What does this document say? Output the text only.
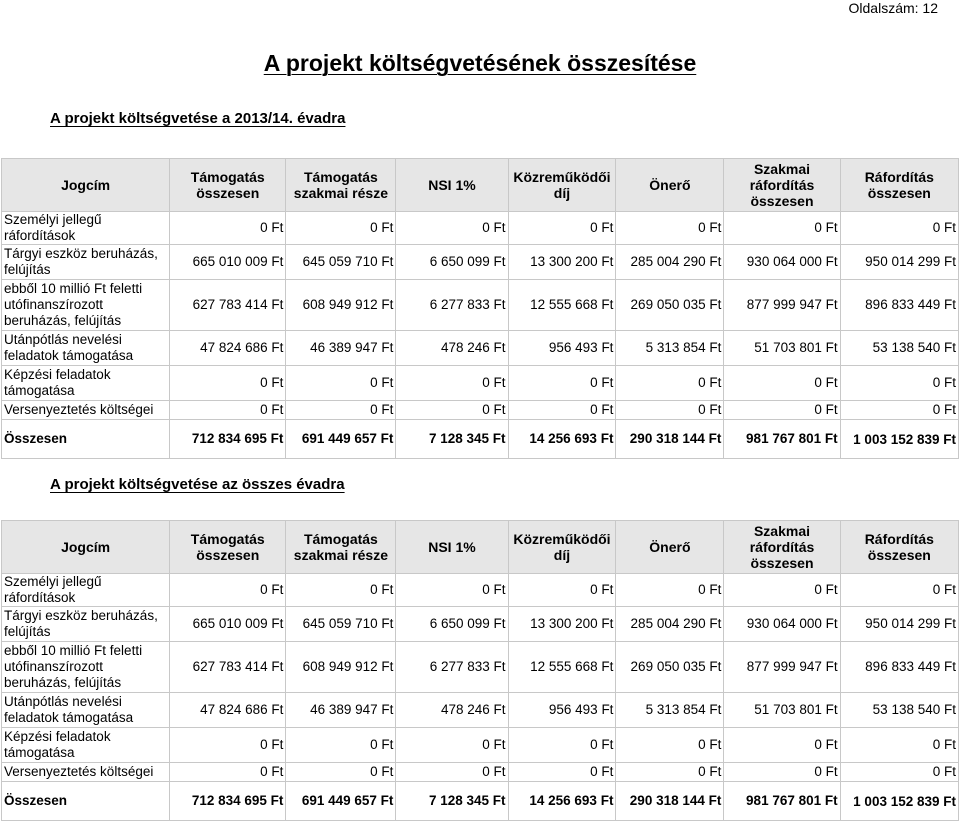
Oldalszám: 12
A projekt költségvetésének összesítése
A projekt költségvetése a 2013/14. évadra
Jogcím	Támogatás összesen	Támogatás szakmai része	NSI 1%	Közreműködői díj	Önerő	Szakmai ráfordítás összesen	Ráfordítás összesen
Személyi jellegű ráfordítások	0 Ft	0 Ft	0 Ft	0 Ft	0 Ft	0 Ft	0 Ft
Tárgyi eszköz beruházás, felújítás	665 010 009 Ft	645 059 710 Ft	6 650 099 Ft	13 300 200 Ft	285 004 290 Ft	930 064 000 Ft	950 014 299 Ft
ebből 10 millió Ft feletti utófinanszírozott beruházás, felújítás	627 783 414 Ft	608 949 912 Ft	6 277 833 Ft	12 555 668 Ft	269 050 035 Ft	877 999 947 Ft	896 833 449 Ft
Utánpótlás nevelési feladatok támogatása	47 824 686 Ft	46 389 947 Ft	478 246 Ft	956 493 Ft	5 313 854 Ft	51 703 801 Ft	53 138 540 Ft
Képzési feladatok támogatása	0 Ft	0 Ft	0 Ft	0 Ft	0 Ft	0 Ft	0 Ft
Versenyeztetés költségei	0 Ft	0 Ft	0 Ft	0 Ft	0 Ft	0 Ft	0 Ft
Összesen	712 834 695 Ft	691 449 657 Ft	7 128 345 Ft	14 256 693 Ft	290 318 144 Ft	981 767 801 Ft	1 003 152 839 Ft
A projekt költségvetése az összes évadra
Jogcím	Támogatás összesen	Támogatás szakmai része	NSI 1%	Közreműködői díj	Önerő	Szakmai ráfordítás összesen	Ráfordítás összesen
Személyi jellegű ráfordítások	0 Ft	0 Ft	0 Ft	0 Ft	0 Ft	0 Ft	0 Ft
Tárgyi eszköz beruházás, felújítás	665 010 009 Ft	645 059 710 Ft	6 650 099 Ft	13 300 200 Ft	285 004 290 Ft	930 064 000 Ft	950 014 299 Ft
ebből 10 millió Ft feletti utófinanszírozott beruházás, felújítás	627 783 414 Ft	608 949 912 Ft	6 277 833 Ft	12 555 668 Ft	269 050 035 Ft	877 999 947 Ft	896 833 449 Ft
Utánpótlás nevelési feladatok támogatása	47 824 686 Ft	46 389 947 Ft	478 246 Ft	956 493 Ft	5 313 854 Ft	51 703 801 Ft	53 138 540 Ft
Képzési feladatok támogatása	0 Ft	0 Ft	0 Ft	0 Ft	0 Ft	0 Ft	0 Ft
Versenyeztetés költségei	0 Ft	0 Ft	0 Ft	0 Ft	0 Ft	0 Ft	0 Ft
Összesen	712 834 695 Ft	691 449 657 Ft	7 128 345 Ft	14 256 693 Ft	290 318 144 Ft	981 767 801 Ft	1 003 152 839 Ft
